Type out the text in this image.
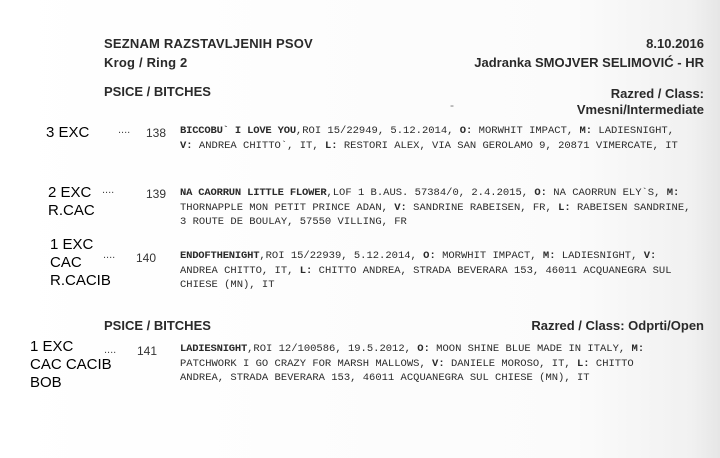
SEZNAM RAZSTAVLJENIH PSOV
Krog / Ring 2
8.10.2016
Jadranka SMOJVER SELIMOVIĆ - HR
PSICE / BITCHES	Razred / Class:
-	Vmesni/Intermediate
3 EXC	.... 138 BICCOBU` I LOVE YOU,ROI 15/22949, 5.12.2014, O: MORWHIT IMPACT, M: LADIESNIGHT,
V: ANDREA CHITTO`, IT, L: RESTORI ALEX, VIA SAN GEROLAMO 9, 20871 VIMERCATE, IT
2 EXC
R.CAC
....	139 NA CAORRUN LITTLE FLOWER,LOF 1 B.AUS. 57384/0, 2.4.2015, O: NA CAORRUN ELY`S, M:
THORNAPPLE MON PETIT PRINCE ADAN, V: SANDRINE RABEISEN, FR, L: RABEISEN SANDRINE,
3 ROUTE DE BOULAY, 57550 VILLING, FR
1 EXC
CAC
R.CACIB
.... 140 ENDOFTHENIGHT,ROI 15/22939, 5.12.2014, O: MORWHIT IMPACT, M: LADIESNIGHT, V:
ANDREA CHITTO, IT, L: CHITTO ANDREA, STRADA BEVERARA 153, 46011 ACQUANEGRA SUL
CHIESE (MN), IT
PSICE / BITCHES	Razred / Class: Odprti/Open
1 EXC
CAC CACIB
BOB
.... 141 LADIESNIGHT,ROI 12/100586, 19.5.2012, O: MOON SHINE BLUE MADE IN ITALY, M:
PATCHWORK I GO CRAZY FOR MARSH MALLOWS, V: DANIELE MOROSO, IT, L: CHITTO
ANDREA, STRADA BEVERARA 153, 46011 ACQUANEGRA SUL CHIESE (MN), IT
